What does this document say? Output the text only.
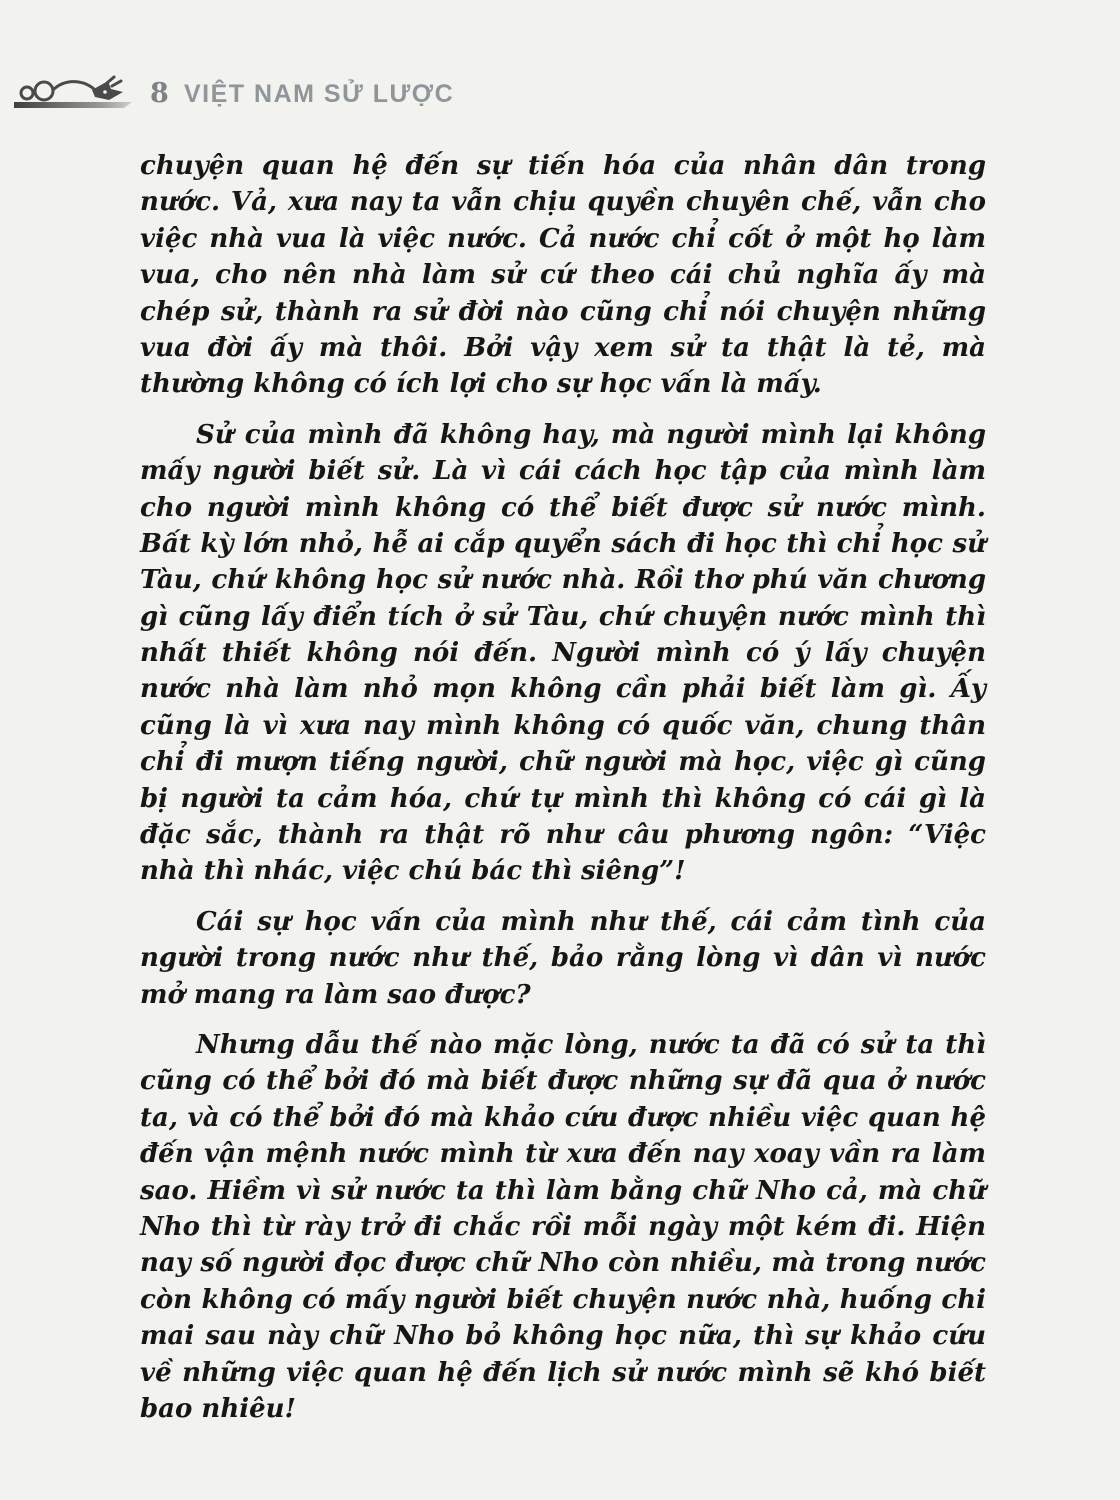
8 VIỆT NAM SỬ LƯỢC

chuyện quan hệ đến sự tiến hóa của nhân dân trong nước. Vả, xưa nay ta vẫn chịu quyền chuyên chế, vẫn cho việc nhà vua là việc nước. Cả nước chỉ cốt ở một họ làm vua, cho nên nhà làm sử cứ theo cái chủ nghĩa ấy mà chép sử, thành ra sử đời nào cũng chỉ nói chuyện những vua đời ấy mà thôi. Bởi vậy xem sử ta thật là tẻ, mà thường không có ích lợi cho sự học vấn là mấy.

Sử của mình đã không hay, mà người mình lại không mấy người biết sử. Là vì cái cách học tập của mình làm cho người mình không có thể biết được sử nước mình. Bất kỳ lớn nhỏ, hễ ai cắp quyển sách đi học thì chỉ học sử Tàu, chứ không học sử nước nhà. Rồi thơ phú văn chương gì cũng lấy điển tích ở sử Tàu, chứ chuyện nước mình thì nhất thiết không nói đến. Người mình có ý lấy chuyện nước nhà làm nhỏ mọn không cần phải biết làm gì. Ấy cũng là vì xưa nay mình không có quốc văn, chung thân chỉ đi mượn tiếng người, chữ người mà học, việc gì cũng bị người ta cảm hóa, chứ tự mình thì không có cái gì là đặc sắc, thành ra thật rõ như câu phương ngôn: “Việc nhà thì nhác, việc chú bác thì siêng”!

Cái sự học vấn của mình như thế, cái cảm tình của người trong nước như thế, bảo rằng lòng vì dân vì nước mở mang ra làm sao được?

Nhưng dẫu thế nào mặc lòng, nước ta đã có sử ta thì cũng có thể bởi đó mà biết được những sự đã qua ở nước ta, và có thể bởi đó mà khảo cứu được nhiều việc quan hệ đến vận mệnh nước mình từ xưa đến nay xoay vần ra làm sao. Hiềm vì sử nước ta thì làm bằng chữ Nho cả, mà chữ Nho thì từ rày trở đi chắc rồi mỗi ngày một kém đi. Hiện nay số người đọc được chữ Nho còn nhiều, mà trong nước còn không có mấy người biết chuyện nước nhà, huống chi mai sau này chữ Nho bỏ không học nữa, thì sự khảo cứu về những việc quan hệ đến lịch sử nước mình sẽ khó biết bao nhiêu!
